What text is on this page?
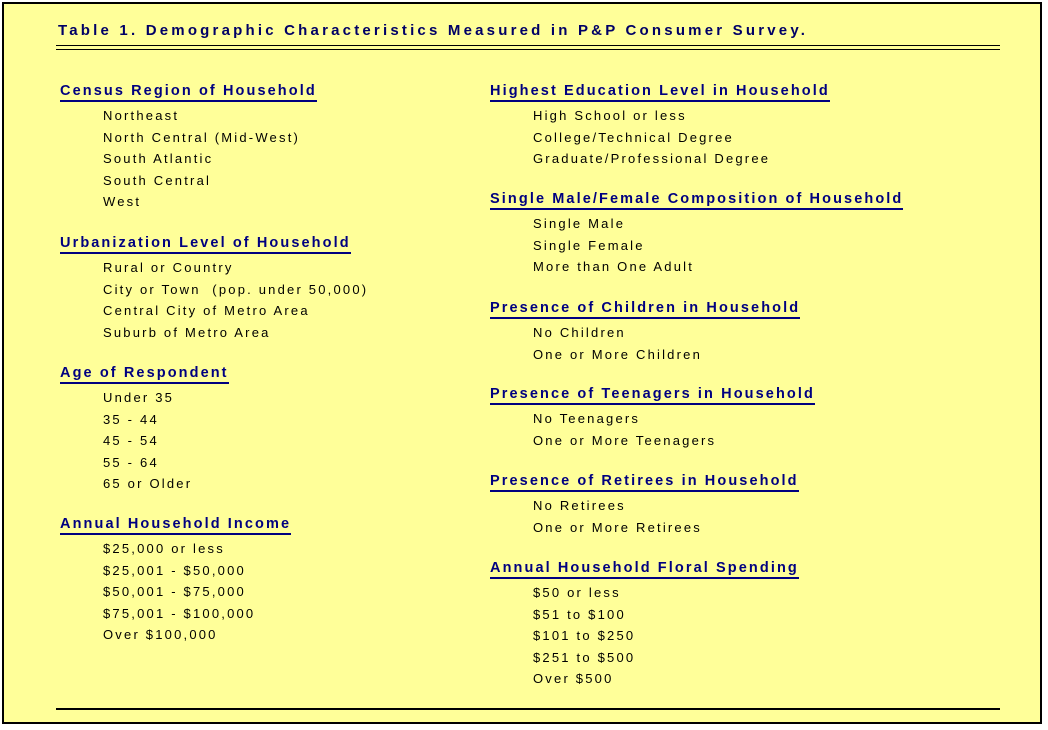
Table 1. Demographic Characteristics Measured in P&P Consumer Survey.
Census Region of Household
Northeast
North Central (Mid-West)
South Atlantic
South Central
West
Urbanization Level of Household
Rural or Country
City or Town  (pop. under 50,000)
Central City of Metro Area
Suburb of Metro Area
Age of Respondent
Under 35
35 - 44
45 - 54
55 - 64
65 or Older
Annual Household Income
$25,000 or less
$25,001 - $50,000
$50,001 - $75,000
$75,001 - $100,000
Over $100,000
Highest Education Level in Household
High School or less
College/Technical Degree
Graduate/Professional Degree
Single Male/Female Composition of Household
Single Male
Single Female
More than One Adult
Presence of Children in Household
No Children
One or More Children
Presence of Teenagers in Household
No Teenagers
One or More Teenagers
Presence of Retirees in Household
No Retirees
One or More Retirees
Annual Household Floral Spending
$50 or less
$51 to $100
$101 to $250
$251 to $500
Over $500
